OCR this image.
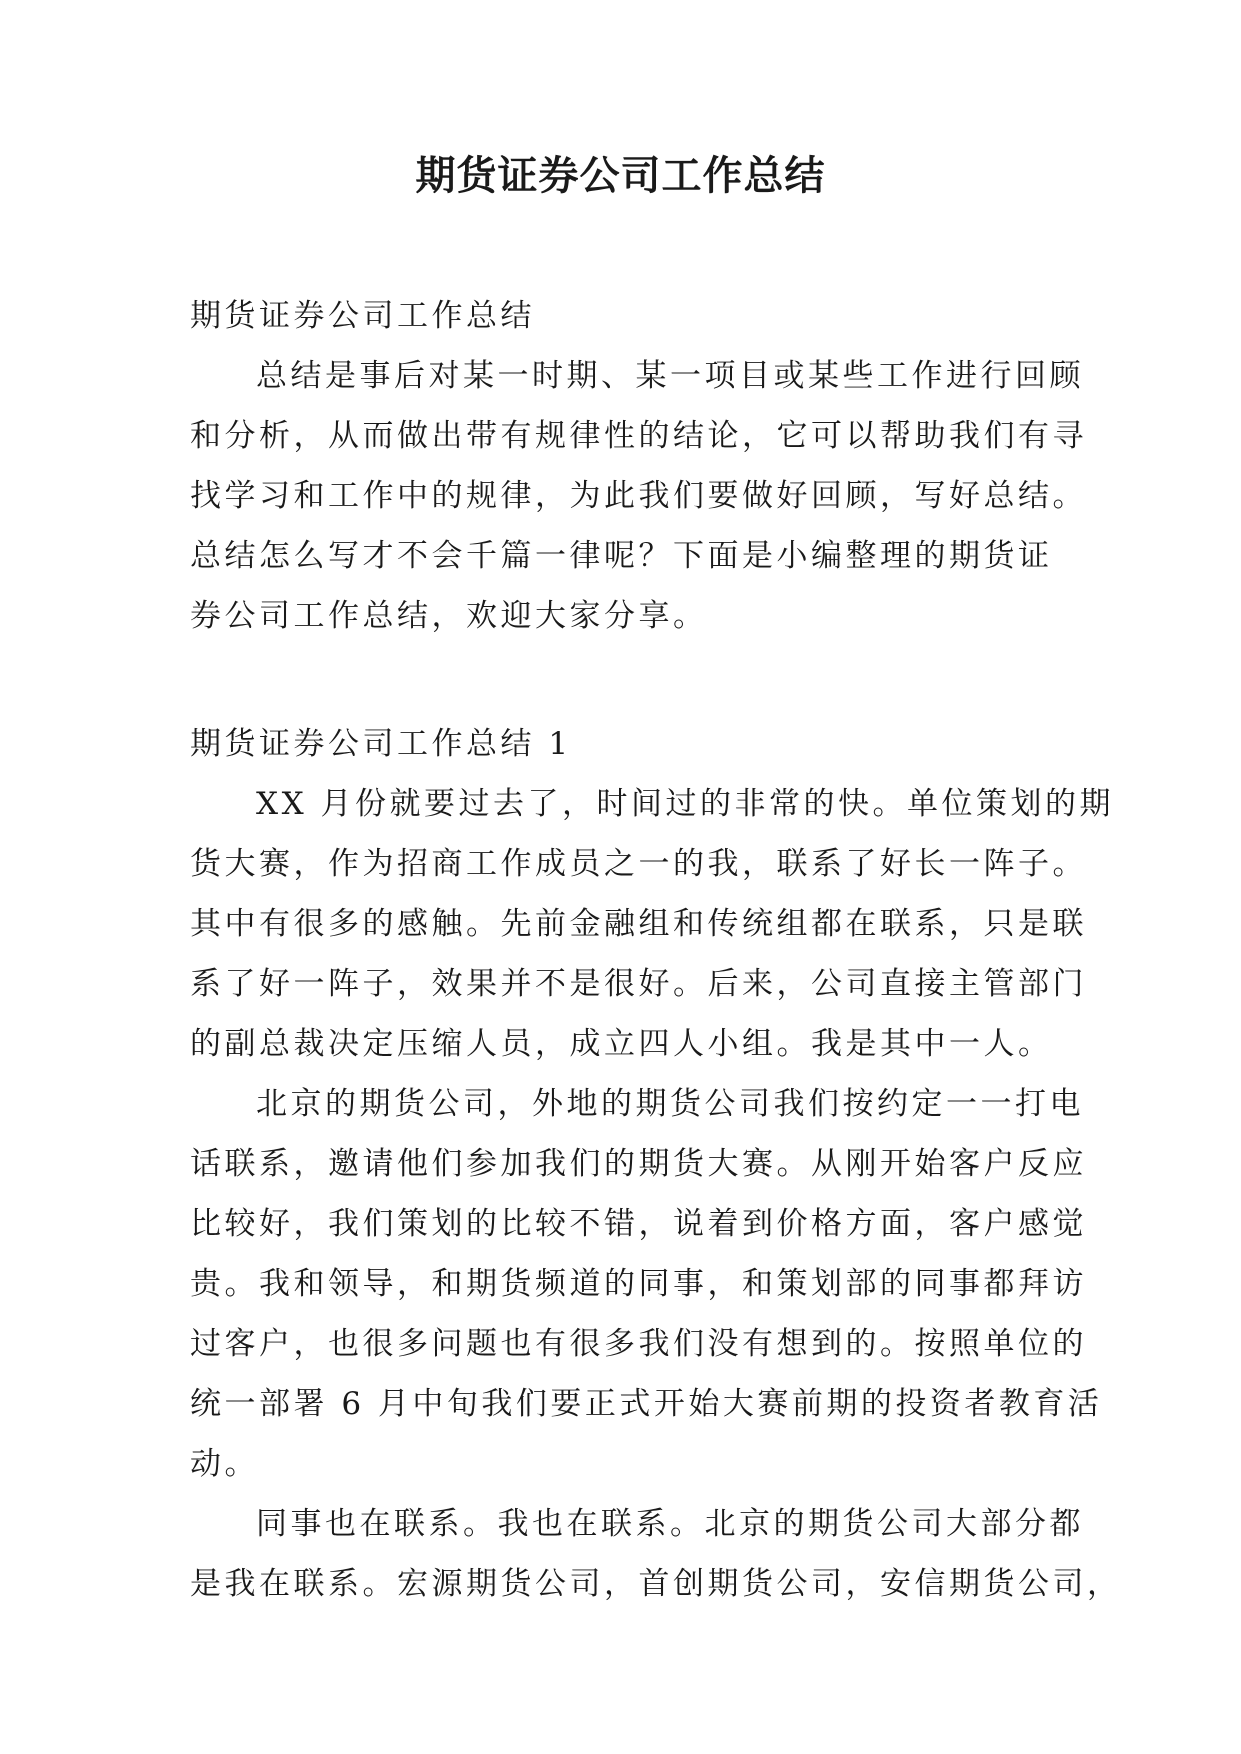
期货证券公司工作总结

期货证券公司工作总结

总结是事后对某一时期、某一项目或某些工作进行回顾

和分析，从而做出带有规律性的结论，它可以帮助我们有寻

找学习和工作中的规律，为此我们要做好回顾，写好总结。

总结怎么写才不会千篇一律呢？下面是小编整理的期货证

券公司工作总结，欢迎大家分享。

期货证券公司工作总结 1

XX 月份就要过去了，时间过的非常的快。单位策划的期

货大赛，作为招商工作成员之一的我，联系了好长一阵子。

其中有很多的感触。先前金融组和传统组都在联系，只是联

系了好一阵子，效果并不是很好。后来，公司直接主管部门

的副总裁决定压缩人员，成立四人小组。我是其中一人。

北京的期货公司，外地的期货公司我们按约定一一打电

话联系，邀请他们参加我们的期货大赛。从刚开始客户反应

比较好，我们策划的比较不错，说着到价格方面，客户感觉

贵。我和领导，和期货频道的同事，和策划部的同事都拜访

过客户，也很多问题也有很多我们没有想到的。按照单位的

统一部署 6 月中旬我们要正式开始大赛前期的投资者教育活

动。

同事也在联系。我也在联系。北京的期货公司大部分都

是我在联系。宏源期货公司，首创期货公司，安信期货公司，
